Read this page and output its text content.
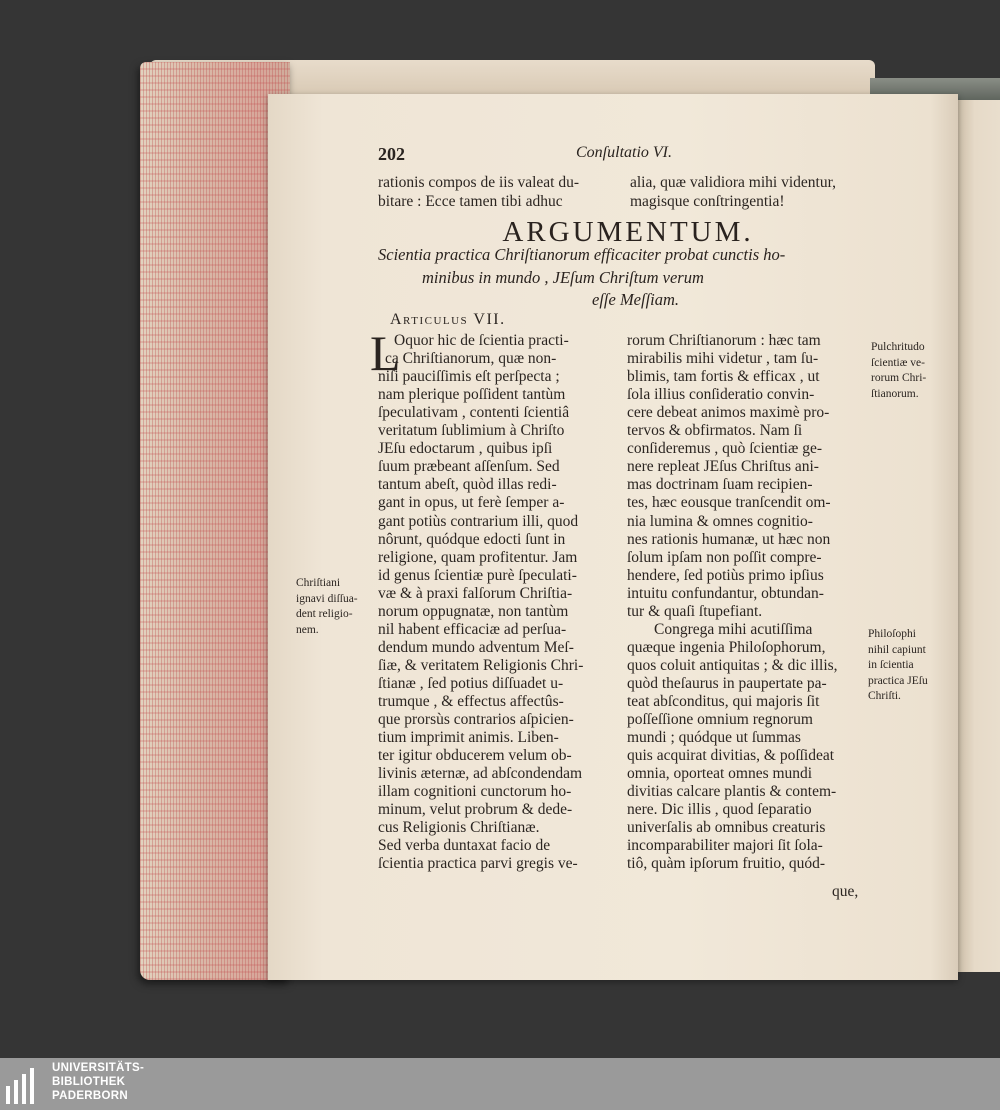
202	Conſultatio VI.
rationis compos de iis valeat du-
bitare : Ecce tamen tibi adhuc
alia, quæ validiora mihi videntur,
magisque conſtringentia!
ARGUMENTUM.
Scientia practica Chriſtianorum efficaciter probat cunctis ho-
minibus in mundo , JEſum Chriſtum verum
eſſe Meſſiam.
Articulus VII.
L
Oquor hic de ſcientia practi-
ca Chriſtianorum, quæ non-
niſi pauciſſimis eſt perſpecta ;
nam plerique poſſident tantùm
ſpeculativam , contenti ſcientiâ
veritatum ſublimium à Chriſto
JEſu edoctarum , quibus ipſi
ſuum præbeant aſſenſum. Sed
tantum abeſt, quòd illas redi-
gant in opus, ut ferè ſemper a-
gant potiùs contrarium illi, quod
nôrunt, quódque edocti ſunt in
religione, quam profitentur. Jam
id genus ſcientiæ purè ſpeculati-
væ & à praxi falſorum Chriſtia-
norum oppugnatæ, non tantùm
nil habent efficaciæ ad perſua-
dendum mundo adventum Meſ-
ſiæ, & veritatem Religionis Chri-
ſtianæ , ſed potius diſſuadet u-
trumque , & effectus affectûs-
que prorsùs contrarios aſpicien-
tium imprimit animis. Liben-
ter igitur obducerem velum ob-
livinis æternæ, ad abſcondendam
illam cognitioni cunctorum ho-
minum, velut probrum & dede-
cus Religionis Chriſtianæ.
Sed verba duntaxat facio de
ſcientia practica parvi gregis ve-
rorum Chriſtianorum : hæc tam
mirabilis mihi videtur , tam ſu-
blimis, tam fortis & efficax , ut
ſola illius conſideratio convin-
cere debeat animos maximè pro-
tervos & obfirmatos. Nam ſi
conſideremus , quò ſcientiæ ge-
nere repleat JEſus Chriſtus ani-
mas doctrinam ſuam recipien-
tes, hæc eousque tranſcendit om-
nia lumina & omnes cognitio-
nes rationis humanæ, ut hæc non
ſolum ipſam non poſſit compre-
hendere, ſed potiùs primo ipſius
intuitu confundantur, obtundan-
tur & quaſi ſtupefiant.
Congrega mihi acutiſſima
quæque ingenia Philoſophorum,
quos coluit antiquitas ; & dic illis,
quòd theſaurus in paupertate pa-
teat abſconditus, qui majoris ſit
poſſeſſione omnium regnorum
mundi ; quódque ut ſummas
quis acquirat divitias, & poſſideat
omnia, oporteat omnes mundi
divitias calcare plantis & contem-
nere. Dic illis , quod ſeparatio
univerſalis ab omnibus creaturis
incomparabiliter majori ſit ſola-
tiô, quàm ipſorum fruitio, quód-
que,
Chriſtiani
ignavi diſſua-
dent religio-
nem.
Pulchritudo
ſcientiæ ve-
rorum Chri-
ſtianorum.
Philoſophi
nihil capiunt
in ſcientia
practica JEſu
Chriſti.
UNIVERSITÄTS-
BIBLIOTHEK
PADERBORN
